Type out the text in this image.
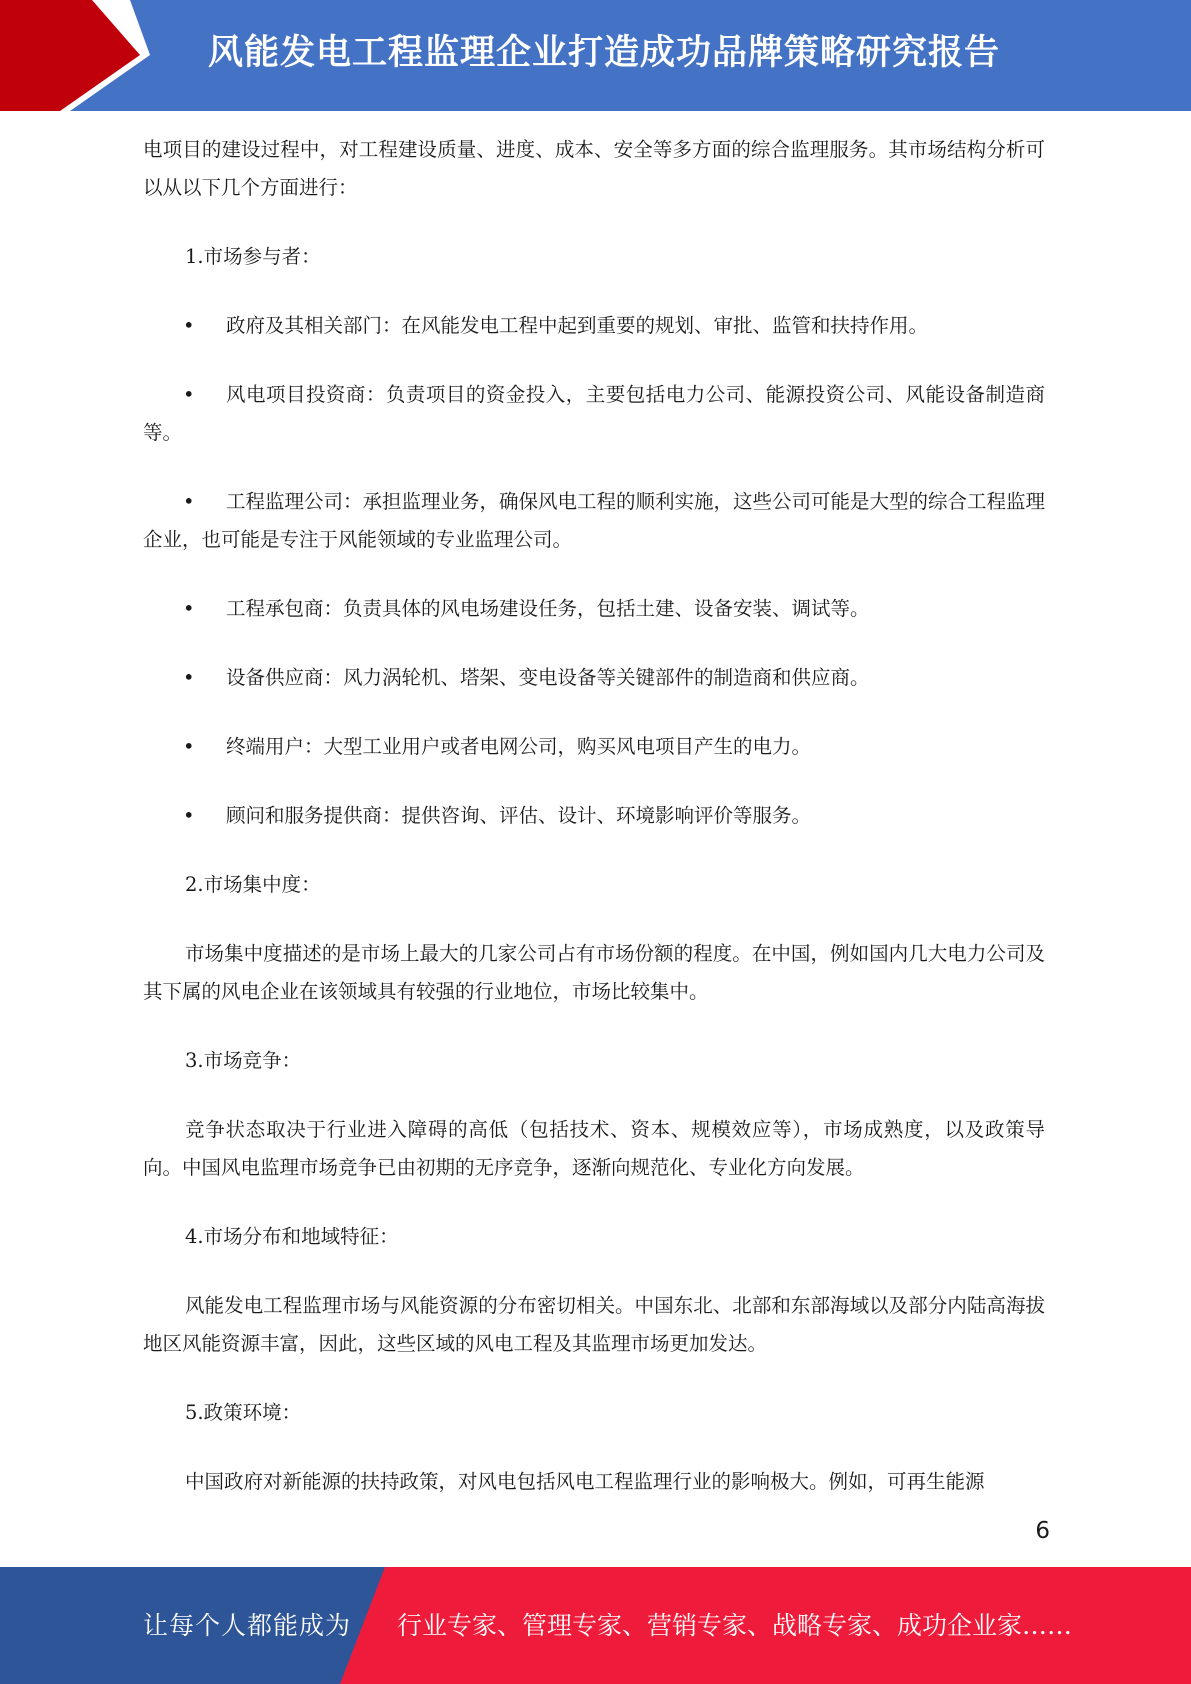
风能发电工程监理企业打造成功品牌策略研究报告

电项目的建设过程中，对工程建设质量、进度、成本、安全等多方面的综合监理服务。其市场结构分析可以从以下几个方面进行：

1.市场参与者：

• 政府及其相关部门：在风能发电工程中起到重要的规划、审批、监管和扶持作用。

• 风电项目投资商：负责项目的资金投入，主要包括电力公司、能源投资公司、风能设备制造商等。

• 工程监理公司：承担监理业务，确保风电工程的顺利实施，这些公司可能是大型的综合工程监理企业，也可能是专注于风能领域的专业监理公司。

• 工程承包商：负责具体的风电场建设任务，包括土建、设备安装、调试等。

• 设备供应商：风力涡轮机、塔架、变电设备等关键部件的制造商和供应商。

• 终端用户：大型工业用户或者电网公司，购买风电项目产生的电力。

• 顾问和服务提供商：提供咨询、评估、设计、环境影响评价等服务。

2.市场集中度：

市场集中度描述的是市场上最大的几家公司占有市场份额的程度。在中国，例如国内几大电力公司及其下属的风电企业在该领域具有较强的行业地位，市场比较集中。

3.市场竞争：

竞争状态取决于行业进入障碍的高低（包括技术、资本、规模效应等），市场成熟度，以及政策导向。中国风电监理市场竞争已由初期的无序竞争，逐渐向规范化、专业化方向发展。

4.市场分布和地域特征：

风能发电工程监理市场与风能资源的分布密切相关。中国东北、北部和东部海域以及部分内陆高海拔地区风能资源丰富，因此，这些区域的风电工程及其监理市场更加发达。

5.政策环境：

中国政府对新能源的扶持政策，对风电包括风电工程监理行业的影响极大。例如，可再生能源

6
让每个人都能成为 行业专家、管理专家、营销专家、战略专家、成功企业家……
